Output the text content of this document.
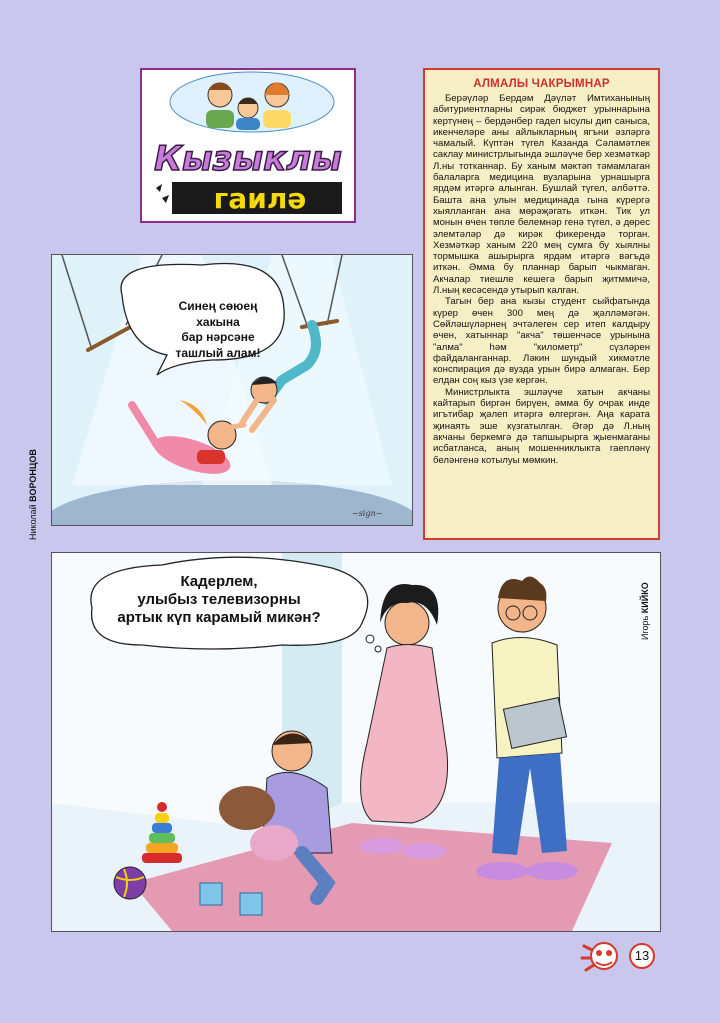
Кызыклы
гаилә
АЛМАЛЫ ЧАКРЫМНАР

Берәүләр Бердәм Дәүләт Имтиханының абитуриентларны сирәк бюджет урыннарына кертүнең – бердәнбер гадел ысулы дип саныса, икенчеләре аны айлыкларның ягъни әзләргә чамалый. Күптән түгел Казанда Сәламәтлек саклау министрлыгында эшләүче бер хезмәткәр Л.ны тотканнар. Бу ханым мәктәп тәмамлаган балаларга медицина вузларына урнашырга ярдәм итәргә алынган. Бушлай түгел, әлбәттә. Башта ана улын медицинада гына күрергә хыялланган ана мөрәҗәгать иткән. Тик ул монын өчен төпле белемнәр генә түгел, ә дөрес элемтәләр дә кирәк фикерендә торган. Хезмәткәр ханым 220 мең сумга бу хыялны тормышка ашырырга ярдәм итәргә вәгъдә иткән. Әмма бу планнар барып чыкмаган. Акчалар тиешле кешегә барып җитммичә, Л.ның кесәсендә утырып калган.

Тагын бер ана кызы студент сыйфатында күрер өчен 300 мең дә җәлләмәгән. Сөйләшүләрнең эчтәлеген сер итеп калдыру өчен, хатыннар "акча" төшенчәсе урынына "алма" һәм "километр" сүзләрен файдаланганнар. Ләкин шундый хикмәтле конспирация дә вузда урын бирә алмаган. Бер елдан соң кыз үзе кергән.

Министрлыкта эшләүче хатын акчаны кайтарып биргән бирүен, әмма бу очрак инде игътибар җәлеп итәргә өлгергән. Аңа карата җинаять эше күзгатылган. Әгәр дә Л.ның акчаны беркемгә дә тапшырырга җыенмаганы исбатланса, аның мошенниклыкта гаепләнү беләнгенә котылуы мөмкин.

Николай ВОРОНЦОВ
Синең сөюең
хакына
бар нәрсәне
ташлый алам!
~sign~
Кадерлем,
улыбыз телевизорны
артык күп карамый микән?	Игорь КИЙКО
13
